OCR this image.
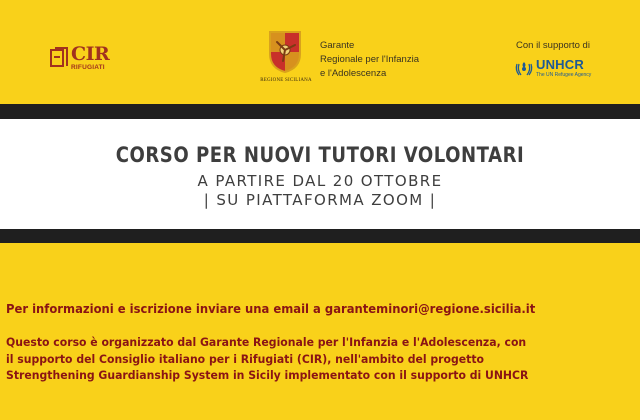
CIR
RIFUGIATI
REGIONE SICILIANA
Garante
Regionale per l'Infanzia
e l'Adolescenza
Con il supporto di
UNHCR
The UN Refugee Agency
CORSO PER NUOVI TUTORI VOLONTARI
A PARTIRE DAL 20 OTTOBRE
| SU PIATTAFORMA ZOOM |
Per informazioni e iscrizione inviare una email a garanteminori@regione.sicilia.it
Questo corso è organizzato dal Garante Regionale per l'Infanzia e l'Adolescenza, con
il supporto del Consiglio italiano per i Rifugiati (CIR), nell'ambito del progetto
Strengthening Guardianship System in Sicily implementato con il supporto di UNHCR
